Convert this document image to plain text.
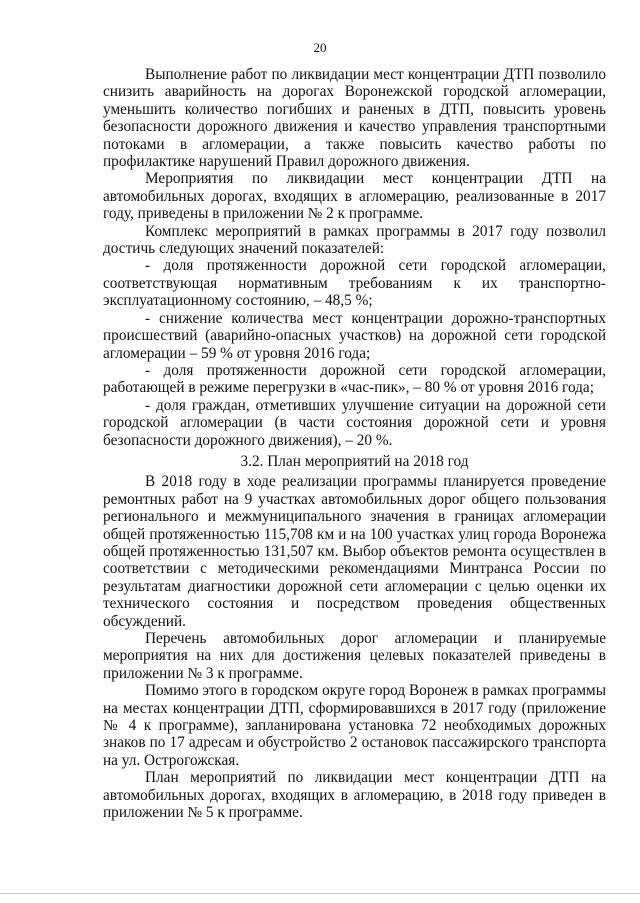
20

Выполнение работ по ликвидации мест концентрации ДТП позволило снизить аварийность на дорогах Воронежской городской агломерации, уменьшить количество погибших и раненых в ДТП, повысить уровень безопасности дорожного движения и качество управления транспортными потоками в агломерации, а также повысить качество работы по профилактике нарушений Правил дорожного движения.

Мероприятия по ликвидации мест концентрации ДТП на автомобильных дорогах, входящих в агломерацию, реализованные в 2017 году, приведены в приложении № 2 к программе.

Комплекс мероприятий в рамках программы в 2017 году позволил достичь следующих значений показателей:

- доля протяженности дорожной сети городской агломерации, соответствующая нормативным требованиям к их транспортно-эксплуатационному состоянию, – 48,5 %;

- снижение количества мест концентрации дорожно-транспортных происшествий (аварийно-опасных участков) на дорожной сети городской агломерации – 59 % от уровня 2016 года;

- доля протяженности дорожной сети городской агломерации, работающей в режиме перегрузки в «час-пик», – 80 % от уровня 2016 года;

- доля граждан, отметивших улучшение ситуации на дорожной сети городской агломерации (в части состояния дорожной сети и уровня безопасности дорожного движения), – 20 %.

3.2. План мероприятий на 2018 год

В 2018 году в ходе реализации программы планируется проведение ремонтных работ на 9 участках автомобильных дорог общего пользования регионального и межмуниципального значения в границах агломерации общей протяженностью 115,708 км и на 100 участках улиц города Воронежа общей протяженностью 131,507 км. Выбор объектов ремонта осуществлен в соответствии с методическими рекомендациями Минтранса России по результатам диагностики дорожной сети агломерации с целью оценки их технического состояния и посредством проведения общественных обсуждений.

Перечень автомобильных дорог агломерации и планируемые мероприятия на них для достижения целевых показателей приведены в приложении № 3 к программе.

Помимо этого в городском округе город Воронеж в рамках программы на местах концентрации ДТП, сформировавшихся в 2017 году (приложение № 4 к программе), запланирована установка 72 необходимых дорожных знаков по 17 адресам и обустройство 2 остановок пассажирского транспорта на ул. Острогожская.

План мероприятий по ликвидации мест концентрации ДТП на автомобильных дорогах, входящих в агломерацию, в 2018 году приведен в приложении № 5 к программе.
